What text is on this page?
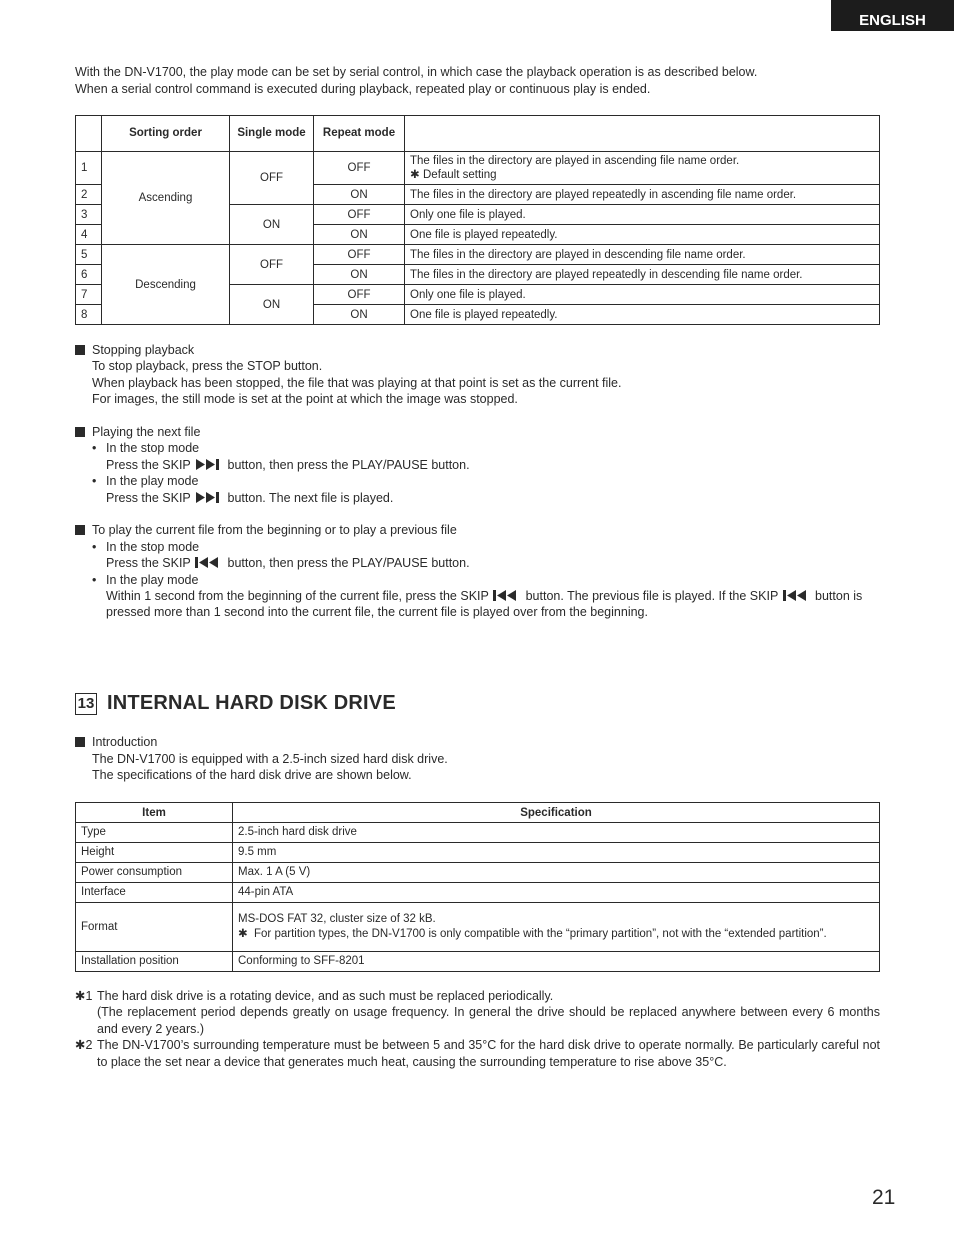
ENGLISH

With the DN-V1700, the play mode can be set by serial control, in which case the playback operation is as described below.

When a serial control command is executed during playback, repeated play or continuous play is ended.

	Sorting order	Single mode	Repeat mode	
1	Ascending	OFF	OFF	The files in the directory are played in ascending file name order.
✱ Default setting

2			ON	The files in the directory are played repeatedly in ascending file name order.
3		ON	OFF	Only one file is played.
4			ON	One file is played repeatedly.
5	Descending	OFF	OFF	The files in the directory are played in descending file name order.
6			ON	The files in the directory are played repeatedly in descending file name order.
7		ON	OFF	Only one file is played.
8			ON	One file is played repeatedly.
Stopping playback

To stop playback, press the STOP button.

When playback has been stopped, the file that was playing at that point is set as the current file.

For images, the still mode is set at the point at which the image was stopped.

Playing the next file
• In the stop mode

Press the SKIP	button, then press the PLAY/PAUSE button.

• In the play mode

Press the SKIP	button. The next file is played.

To play the current file from the beginning or to play a previous file
• In the stop mode

Press the SKIP	button, then press the PLAY/PAUSE button.

• In the play mode

Within 1 second from the beginning of the current file, press the SKIP	button. The previous file is played. If the SKIP	button is pressed more than 1 second into the current file, the current file is played over from the beginning.

13 INTERNAL HARD DISK DRIVE
Introduction

The DN-V1700 is equipped with a 2.5-inch sized hard disk drive.

The specifications of the hard disk drive are shown below.

Item	Specification
Type	2.5-inch hard disk drive
Height	9.5 mm
Power consumption	Max. 1 A (5 V)
Interface	44-pin ATA
Format	MS-DOS FAT 32, cluster size of 32 kB.
✱ For partition types, the DN-V1700 is only compatible with the “primary partition”, not with the “extended partition”.

Installation position	Conforming to SFF-8201
✱1 The hard disk drive is a rotating device, and as such must be replaced periodically.
(The replacement period depends greatly on usage frequency. In general the drive should be replaced anywhere between every 6 months and every 2 years.)
✱2 The DN-V1700’s surrounding temperature must be between 5 and 35°C for the hard disk drive to operate normally. Be particularly careful not to place the set near a device that generates much heat, causing the surrounding temperature to rise above 35°C.
21
